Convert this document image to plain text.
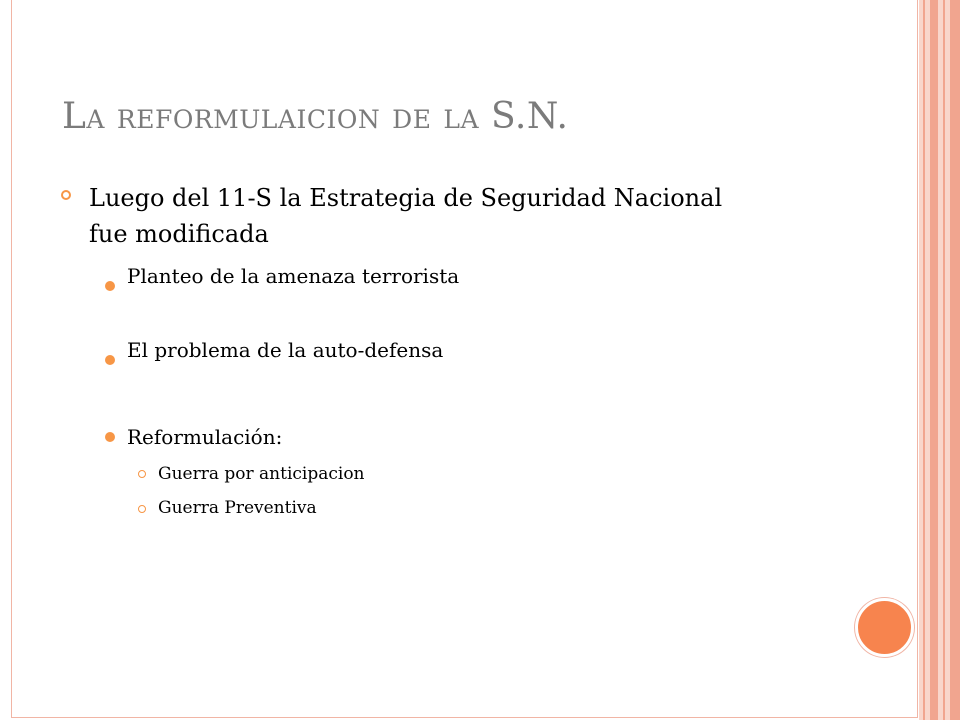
La reformulaicion de la S.N.
Luego del 11-S la Estrategia de Seguridad Nacional fue modificada
Planteo de la amenaza terrorista
El problema de la auto-defensa
Reformulación:
Guerra por anticipacion
Guerra Preventiva
